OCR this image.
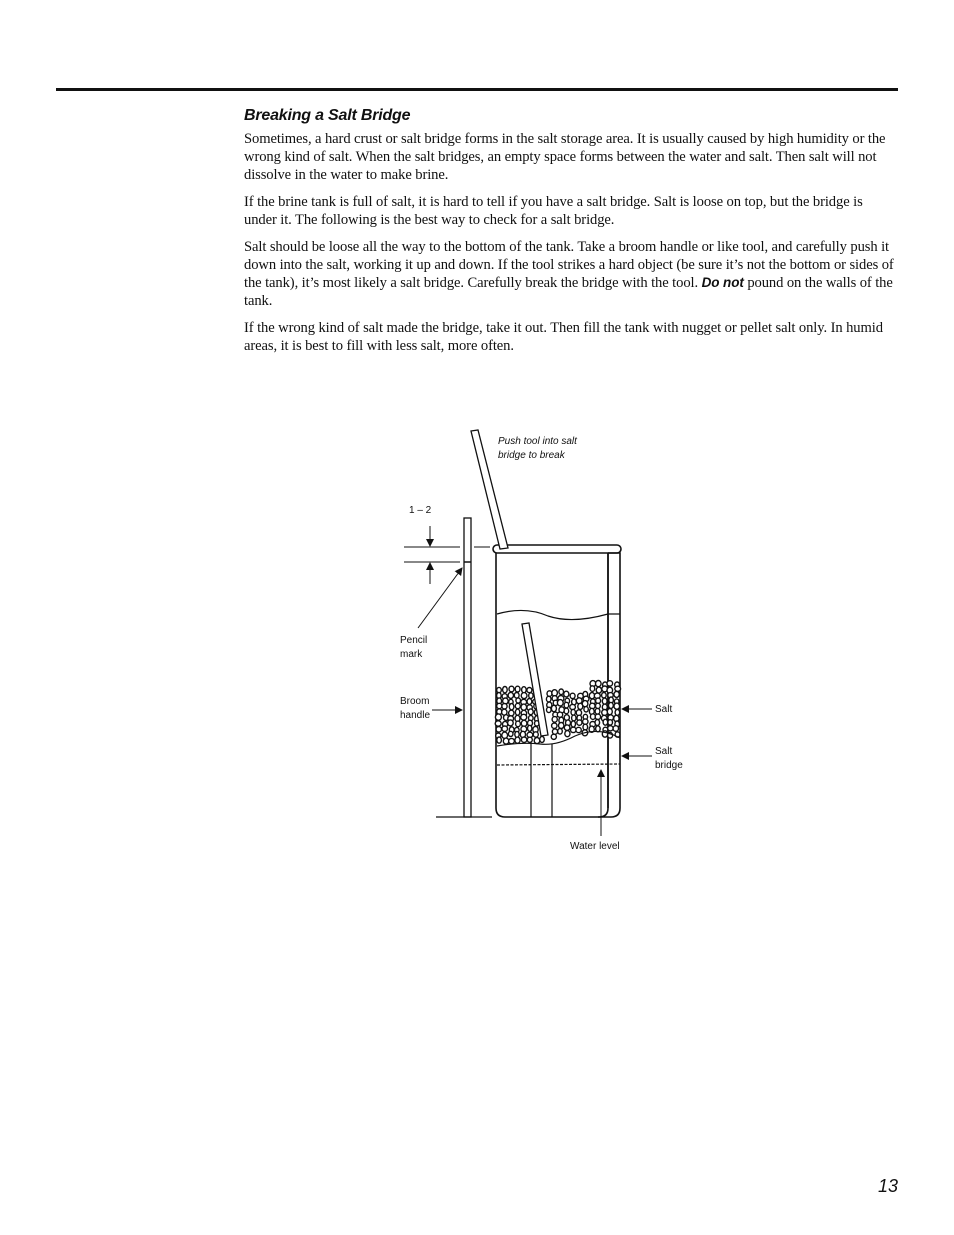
Breaking a Salt Bridge

Sometimes, a hard crust or salt bridge forms in the salt storage area. It is usually caused by high humidity or the wrong kind of salt. When the salt bridges, an empty space forms between the water and salt. Then salt will not dissolve in the water to make brine.

If the brine tank is full of salt, it is hard to tell if you have a salt bridge. Salt is loose on top, but the bridge is under it. The following is the best way to check for a salt bridge.

Salt should be loose all the way to the bottom of the tank. Take a broom handle or like tool, and carefully push it down into the salt, working it up and down. If the tool strikes a hard object (be sure it’s not the bottom or sides of the tank), it’s most likely a salt bridge. Carefully break the bridge with the tool. Do not pound on the walls of the tank.

If the wrong kind of salt made the bridge, take it out. Then fill the tank with nugget or pellet salt only. In humid areas, it is best to fill with less salt, more often.

1 – 2
Push tool into salt
bridge to break
Pencil
mark
Broom
handle
Salt
Salt
bridge
Water level
13
